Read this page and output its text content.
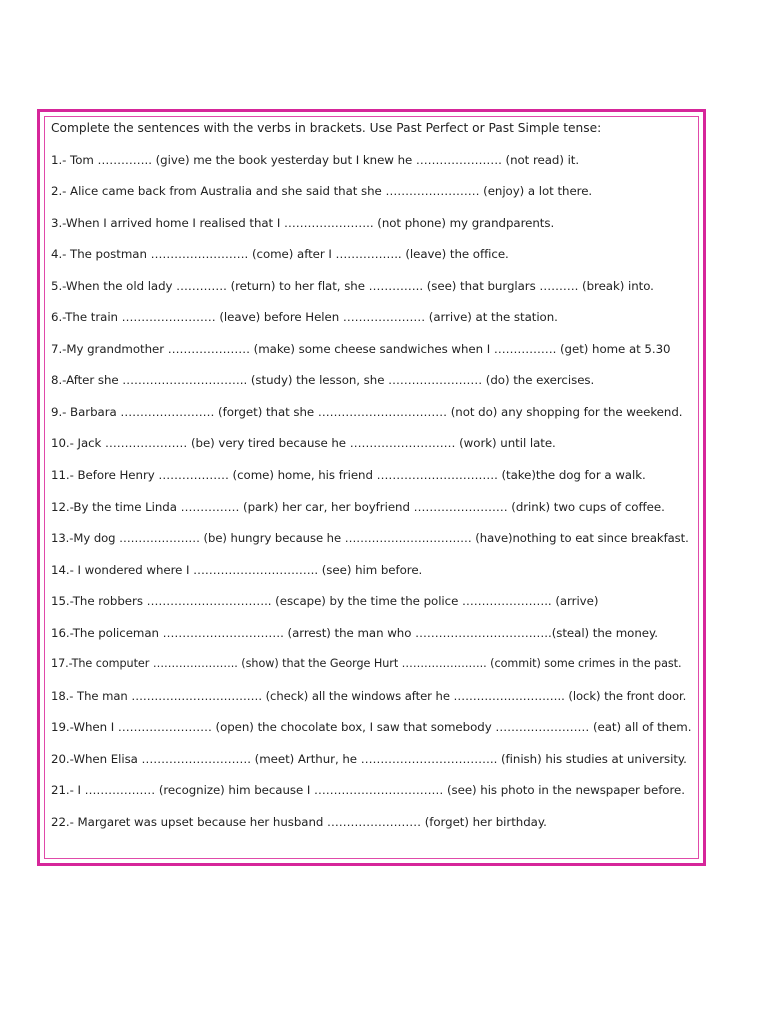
Complete the sentences with the verbs in brackets. Use Past Perfect or Past Simple tense:
1.- Tom ………….. (give) me the book yesterday but I knew he …………………. (not read) it.
2.- Alice came back from Australia and she said that she …………………… (enjoy) a lot there.
3.-When I arrived home I realised that I ………………….. (not phone) my grandparents.
4.- The postman ……………………. (come) after I …………….. (leave) the office.
5.-When the old lady …………. (return) to her flat, she ………….. (see) that burglars ………. (break) into.
6.-The train …………………… (leave) before Helen ………………… (arrive) at the station.
7.-My grandmother ………………… (make) some cheese sandwiches when I ……………. (get) home at 5.30
8.-After she ………………………….. (study) the lesson, she …………………… (do) the exercises.
9.- Barbara …………………… (forget) that she …………………………… (not do) any shopping for the weekend.
10.- Jack ………………… (be) very tired because he ……………………… (work) until late.
11.- Before Henry ……………… (come) home, his friend …………………………. (take)the dog for a walk.
12.-By the time Linda …………… (park) her car, her boyfriend …………………… (drink) two cups of coffee.
13.-My dog ………………… (be) hungry because he …………………………… (have)nothing to eat since breakfast.
14.- I wondered where I ………………………….. (see) him before.
15.-The robbers ………………………….. (escape) by the time the police ………………….. (arrive)
16.-The policeman …………………………. (arrest) the man who ……………………………..(steal) the money.
17.-The computer ………………….. (show) that the George Hurt ………………….. (commit) some crimes in the past.
18.- The man ……………………………. (check) all the windows after he ……………………….. (lock) the front door.
19.-When I …………………… (open) the chocolate box, I saw that somebody …………………… (eat) all of them.
20.-When Elisa ………………………. (meet) Arthur, he …………………………….. (finish) his studies at university.
21.- I ……………… (recognize) him because I …………………………… (see) his photo in the newspaper before.
22.- Margaret was upset because her husband …………………… (forget) her birthday.
